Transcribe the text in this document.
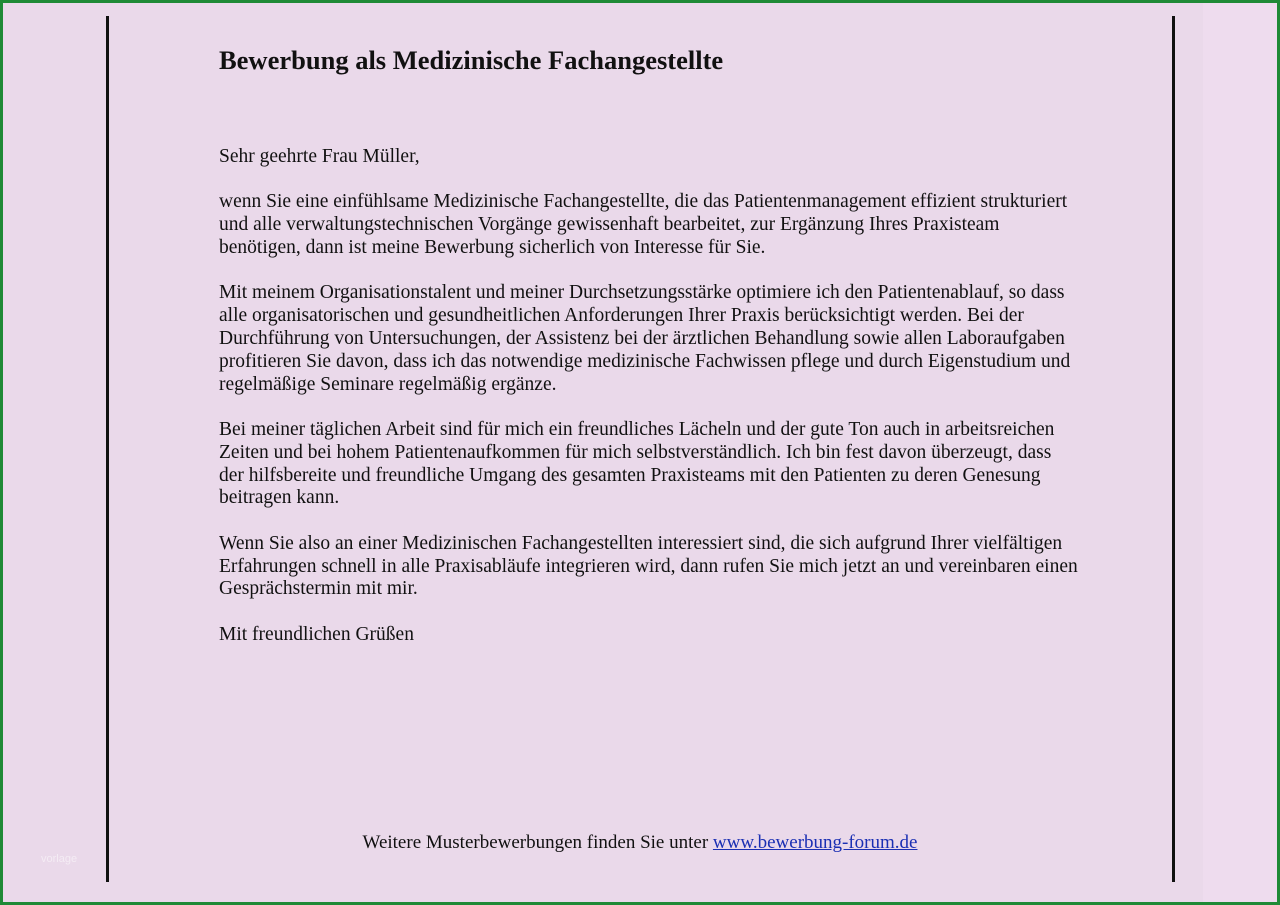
Bewerbung als Medizinische Fachangestellte

Sehr geehrte Frau Müller,

wenn Sie eine einfühlsame Medizinische Fachangestellte, die das Patientenmanagement effizient strukturiert und alle verwaltungstechnischen Vorgänge gewissenhaft bearbeitet, zur Ergänzung Ihres Praxisteam benötigen, dann ist meine Bewerbung sicherlich von Interesse für Sie.

Mit meinem Organisationstalent und meiner Durchsetzungsstärke optimiere ich den Patientenablauf, so dass alle organisatorischen und gesundheitlichen Anforderungen Ihrer Praxis berücksichtigt werden. Bei der Durchführung von Untersuchungen, der Assistenz bei der ärztlichen Behandlung sowie allen Laboraufgaben profitieren Sie davon, dass ich das notwendige medizinische Fachwissen pflege und durch Eigenstudium und regelmäßige Seminare regelmäßig ergänze.

Bei meiner täglichen Arbeit sind für mich ein freundliches Lächeln und der gute Ton auch in arbeitsreichen Zeiten und bei hohem Patientenaufkommen für mich selbstverständlich. Ich bin fest davon überzeugt, dass der hilfsbereite und freundliche Umgang des gesamten Praxisteams mit den Patienten zu deren Genesung beitragen kann.

Wenn Sie also an einer Medizinischen Fachangestellten interessiert sind, die sich aufgrund Ihrer vielfältigen Erfahrungen schnell in alle Praxisabläufe integrieren wird, dann rufen Sie mich jetzt an und vereinbaren einen Gesprächstermin mit mir.

Mit freundlichen Grüßen

Weitere Musterbewerbungen finden Sie unter www.bewerbung-forum.de
vorlage
